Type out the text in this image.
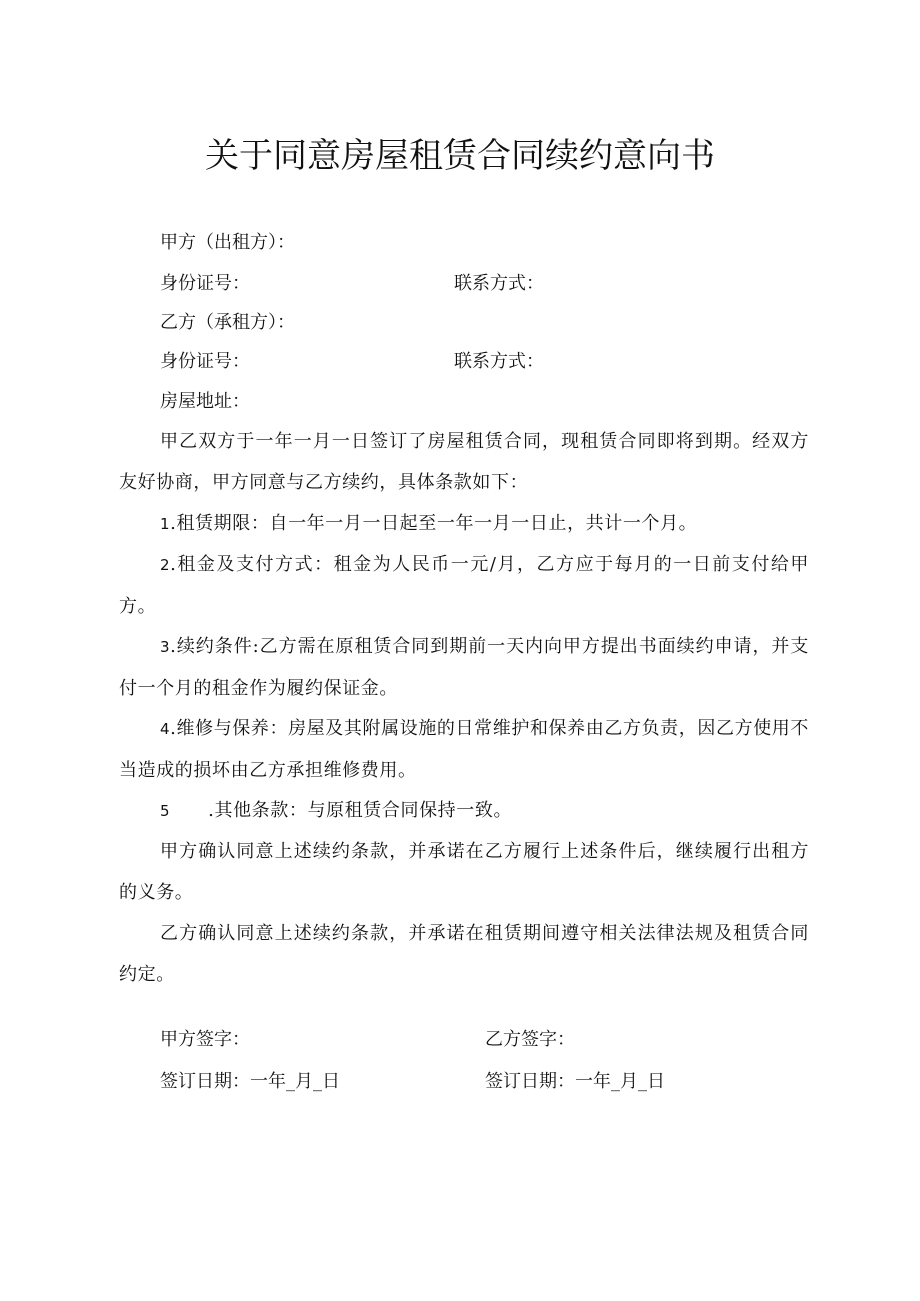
关于同意房屋租赁合同续约意向书
甲方（出租方）：
身份证号：	联系方式：
乙方（承租方）：
身份证号：	联系方式：
房屋地址：

甲乙双方于一年一月一日签订了房屋租赁合同，现租赁合同即将到期。经双方友好协商，甲方同意与乙方续约，具体条款如下：

1.租赁期限：自一年一月一日起至一年一月一日止，共计一个月。

2.租金及支付方式：租金为人民币一元/月，乙方应于每月的一日前支付给甲方。

3.续约条件:乙方需在原租赁合同到期前一天内向甲方提出书面续约申请，并支付一个月的租金作为履约保证金。

4.维修与保养：房屋及其附属设施的日常维护和保养由乙方负责，因乙方使用不当造成的损坏由乙方承担维修费用。

5 .其他条款：与原租赁合同保持一致。

甲方确认同意上述续约条款，并承诺在乙方履行上述条件后，继续履行出租方的义务。

乙方确认同意上述续约条款，并承诺在租赁期间遵守相关法律法规及租赁合同约定。

甲方签字：	乙方签字：
签订日期：一年_月_日	签订日期：一年_月_日
